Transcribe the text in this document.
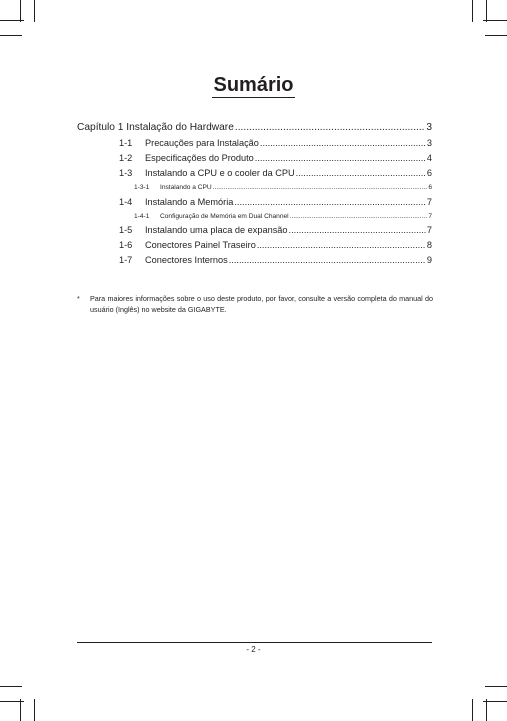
Sumário
Capítulo 1 Instalação do Hardware .....	3
1-1	Precauções para Instalação .....	3
1-2	Especificações do Produto .....	4
1-3	Instalando a CPU e o cooler da CPU .....	6
1-3-1	Instalando a CPU .....	6
1-4	Instalando a Memória .....	7
1-4-1	Configuração de Memória em Dual Channel .....	7
1-5	Instalando uma placa de expansão .....	7
1-6	Conectores Painel Traseiro .....	8
1-7	Conectores Internos .....	9
* Para maiores informações sobre o uso deste produto, por favor, consulte a versão completa do manual do usuário (Inglês) no website da GIGABYTE.
- 2 -
